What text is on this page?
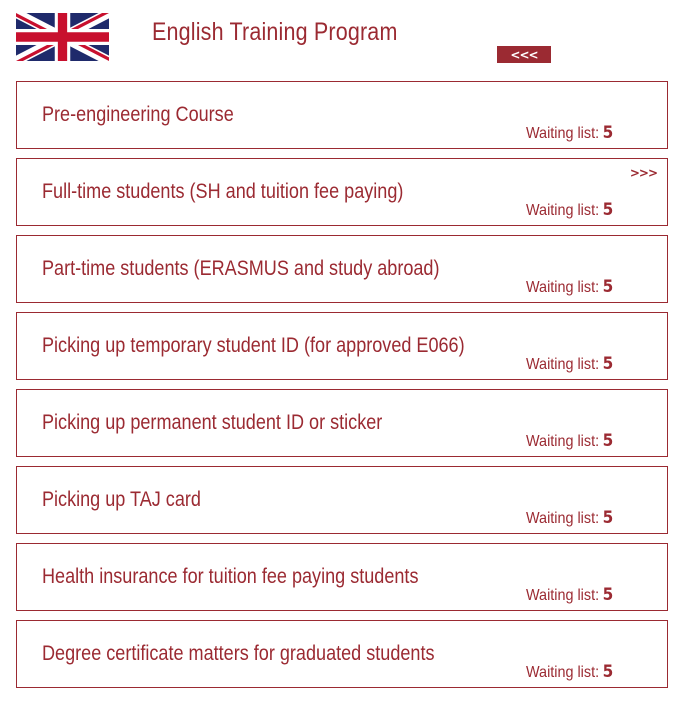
English Training Program
<<<
Pre-engineering Course
Waiting list: 5
>>>
Full-time students (SH and tuition fee paying)
Waiting list: 5
Part-time students (ERASMUS and study abroad)
Waiting list: 5
Picking up temporary student ID (for approved E066)
Waiting list: 5
Picking up permanent student ID or sticker
Waiting list: 5
Picking up TAJ card
Waiting list: 5
Health insurance for tuition fee paying students
Waiting list: 5
Degree certificate matters for graduated students
Waiting list: 5
